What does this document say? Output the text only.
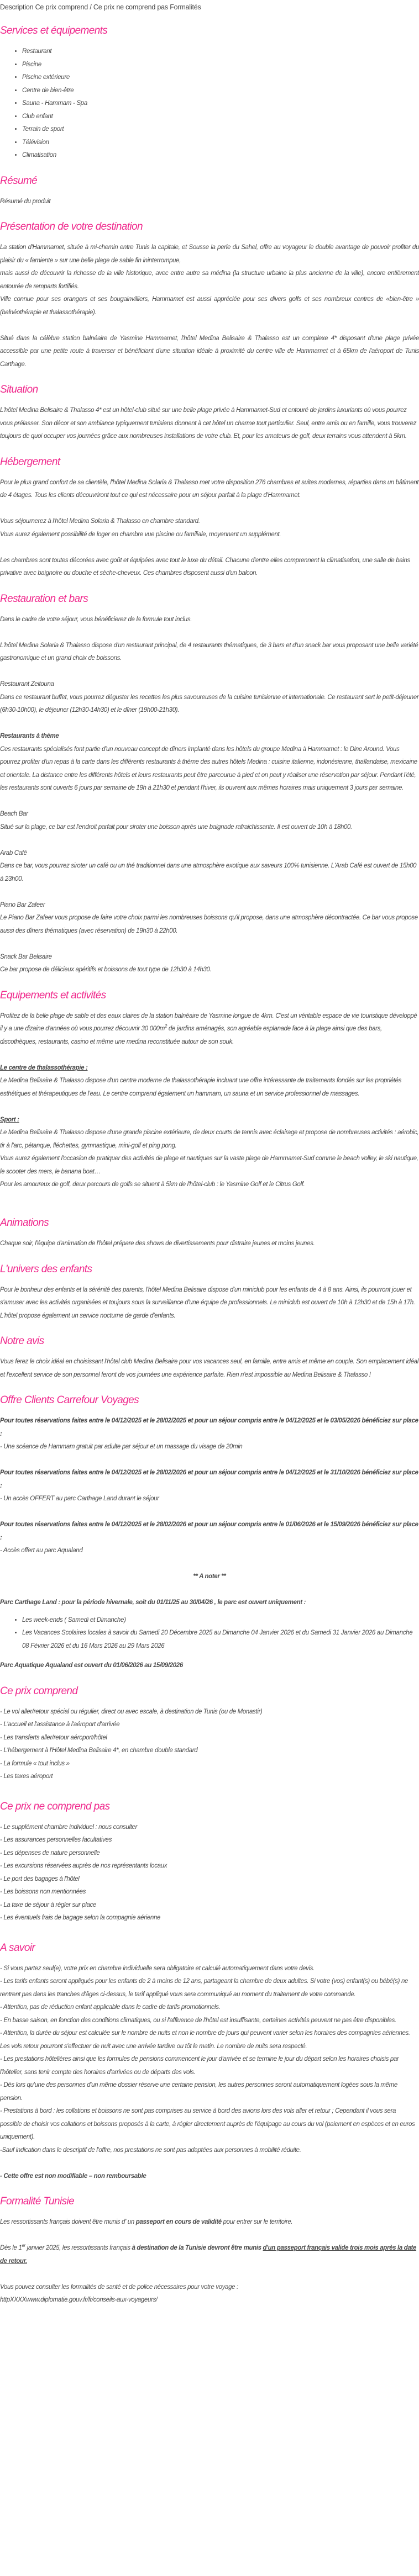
Description Ce prix comprend / Ce prix ne comprend pas Formalités
Services et équipements
• Restaurant
• Piscine
• Piscine extérieure
• Centre de bien-être
• Sauna - Hammam - Spa
• Club enfant
• Terrain de sport
• Télévision
• Climatisation
Résumé

Résumé du produit

Présentation de votre destination

La station d'Hammamet, située à mi-chemin entre Tunis la capitale, et Sousse la perle du Sahel, offre au voyageur le double avantage de pouvoir profiter du plaisir du « farniente » sur une belle plage de sable fin ininterrompue,

mais aussi de découvrir la richesse de la ville historique, avec entre autre sa médina (la structure urbaine la plus ancienne de la ville), encore entièrement entourée de remparts fortifiés.

Ville connue pour ses orangers et ses bougainvilliers, Hammamet est aussi appréciée pour ses divers golfs et ses nombreux centres de «bien-être » (balnéothérapie et thalassothérapie).

Situé dans la célèbre station balnéaire de Yasmine Hammamet, l'hôtel Medina Belisaire & Thalasso est un complexe 4* disposant d'une plage privée accessible par une petite route à traverser et bénéficiant d'une situation idéale à proximité du centre ville de Hammamet et à 65km de l'aéroport de Tunis Carthage.

Situation

L'hôtel Medina Belisaire & Thalasso 4* est un hôtel-club situé sur une belle plage privée à Hammamet-Sud et entouré de jardins luxuriants où vous pourrez vous prélasser. Son décor et son ambiance typiquement tunisiens donnent à cet hôtel un charme tout particulier. Seul, entre amis ou en famille, vous trouverez toujours de quoi occuper vos journées grâce aux nombreuses installations de votre club. Et, pour les amateurs de golf, deux terrains vous attendent à 5km.

Hébergement

Pour le plus grand confort de sa clientèle, l'hôtel Medina Solaria & Thalasso met votre disposition 276 chambres et suites modernes, réparties dans un bâtiment de 4 étages. Tous les clients découvriront tout ce qui est nécessaire pour un séjour parfait à la plage d'Hammamet.

Vous séjournerez à l'hôtel Medina Solaria & Thalasso en chambre standard.

Vous aurez également possibilité de loger en chambre vue piscine ou familiale, moyennant un supplément.

Les chambres sont toutes décorées avec goût et équipées avec tout le luxe du détail. Chacune d'entre elles comprennent la climatisation, une salle de bains privative avec baignoire ou douche et sèche-cheveux. Ces chambres disposent aussi d'un balcon.

Restauration et bars

Dans le cadre de votre séjour, vous bénéficierez de la formule tout inclus.

L'hôtel Medina Solaria & Thalasso dispose d'un restaurant principal, de 4 restaurants thématiques, de 3 bars et d'un snack bar vous proposant une belle variété gastronomique et un grand choix de boissons.

Restaurant Zeitouna

Dans ce restaurant buffet, vous pourrez déguster les recettes les plus savoureuses de la cuisine tunisienne et internationale. Ce restaurant sert le petit-déjeuner (6h30-10h00), le déjeuner (12h30-14h30) et le dîner (19h00-21h30).

Restaurants à thème

Ces restaurants spécialisés font partie d'un nouveau concept de dîners implanté dans les hôtels du groupe Medina à Hammamet : le Dine Around. Vous pourrez profiter d'un repas à la carte dans les différents restaurants à thème des autres hôtels Medina : cuisine italienne, indonésienne, thaïlandaise, mexicaine et orientale. La distance entre les différents hôtels et leurs restaurants peut être parcourue à pied et on peut y réaliser une réservation par séjour. Pendant l'été, les restaurants sont ouverts 6 jours par semaine de 19h à 21h30 et pendant l'hiver, ils ouvrent aux mêmes horaires mais uniquement 3 jours par semaine.

Beach Bar

Situé sur la plage, ce bar est l'endroit parfait pour siroter une boisson après une baignade rafraichissante. Il est ouvert de 10h à 18h00.

Arab Café

Dans ce bar, vous pourrez siroter un café ou un thé traditionnel dans une atmosphère exotique aux saveurs 100% tunisienne. L'Arab Café est ouvert de 15h00 à 23h00.

Piano Bar Zafeer

Le Piano Bar Zafeer vous propose de faire votre choix parmi les nombreuses boissons qu'il propose, dans une atmosphère décontractée. Ce bar vous propose aussi des dîners thématiques (avec réservation) de 19h30 à 22h00.

Snack Bar Belisaire

Ce bar propose de délicieux apéritifs et boissons de tout type de 12h30 à 14h30.

Equipements et activités

Profitez de la belle plage de sable et des eaux claires de la station balnéaire de Yasmine longue de 4km. C'est un véritable espace de vie touristique développé il y a une dizaine d'années où vous pourrez découvrir 30 $000m^2$ de jardins aménagés, son agréable esplanade face à la plage ainsi que des bars, discothèques, restaurants, casino et même une medina reconstituée autour de son souk.

Le centre de thalassothérapie :

Le Medina Belisaire & Thalasso dispose d'un centre moderne de thalassothérapie incluant une offre intéressante de traitements fondés sur les propriétés esthétiques et thérapeutiques de l'eau. Le centre comprend également un hammam, un sauna et un service professionnel de massages.

Sport :

Le Medina Belisaire & Thalasso dispose d'une grande piscine extérieure, de deux courts de tennis avec éclairage et propose de nombreuses activités : aérobic, tir à l'arc, pétanque, fléchettes, gymnastique, mini-golf et ping pong.

Vous aurez également l'occasion de pratiquer des activités de plage et nautiques sur la vaste plage de Hammamet-Sud comme le beach volley, le ski nautique, le scooter des mers, le banana boat…

Pour les amoureux de golf, deux parcours de golfs se situent à 5km de l'hôtel-club : le Yasmine Golf et le Citrus Golf.

Animations

Chaque soir, l'équipe d'animation de l'hôtel prépare des shows de divertissements pour distraire jeunes et moins jeunes.

L'univers des enfants

Pour le bonheur des enfants et la sérénité des parents, l'hôtel Medina Belisaire dispose d'un miniclub pour les enfants de 4 à 8 ans. Ainsi, ils pourront jouer et s'amuser avec les activités organisées et toujours sous la surveillance d'une équipe de professionnels. Le miniclub est ouvert de 10h à 12h30 et de 15h à 17h. L'hôtel propose également un service nocturne de garde d'enfants.

Notre avis

Vous ferez le choix idéal en choisissant l'hôtel club Medina Belisaire pour vos vacances seul, en famille, entre amis et même en couple. Son emplacement idéal et l'excellent service de son personnel feront de vos journées une expérience parfaite. Rien n'est impossible au Medina Belisaire & Thalasso !

Offre Clients Carrefour Voyages

Pour toutes réservations faites entre le 04/12/2025 et le 28/02/2025 et pour un séjour compris entre le 04/12/2025 et le 03/05/2026 bénéficiez sur place :

- Une scéance de Hammam gratuit par adulte par séjour et un massage du visage de 20min

Pour toutes réservations faites entre le 04/12/2025 et le 28/02/2026 et pour un séjour compris entre le 04/12/2025 et le 31/10/2026 bénéficiez sur place :

- Un accès OFFERT au parc Carthage Land durant le séjour

Pour toutes réservations faites entre le 04/12/2025 et le 28/02/2026 et pour un séjour compris entre le 01/06/2026 et le 15/09/2026 bénéficiez sur place :

- Accès offert au parc Aqualand

** A noter **

Parc Carthage Land : pour la période hivernale, soit du 01/11/25 au 30/04/26 , le parc est ouvert uniquement :

• Les week-ends ( Samedi et Dimanche)
• Les Vacances Scolaires locales à savoir du Samedi 20 Décembre 2025 au Dimanche 04 Janvier 2026 et du Samedi 31 Janvier 2026 au Dimanche 08 Février 2026 et du 16 Mars 2026 au 29 Mars 2026

Parc Aquatique Aqualand est ouvert du 01/06/2026 au 15/09/2026

Ce prix comprend

- Le vol aller/retour spécial ou régulier, direct ou avec escale, à destination de Tunis (ou de Monastir)

- L'accueil et l'assistance à l'aéroport d'arrivée

- Les transferts aller/retour aéroport/hôtel

- L'hébergement à l'Hôtel Medina Belisaire 4*, en chambre double standard

- La formule « tout inclus »

- Les taxes aéroport

Ce prix ne comprend pas

- Le supplément chambre individuel : nous consulter

- Les assurances personnelles facultatives

- Les dépenses de nature personnelle

- Les excursions réservées auprès de nos représentants locaux

- Le port des bagages à l'hôtel

- Les boissons non mentionnées

- La taxe de séjour à régler sur place

- Les éventuels frais de bagage selon la compagnie aérienne

A savoir

- Si vous partez seul(e), votre prix en chambre individuelle sera obligatoire et calculé automatiquement dans votre devis.

- Les tarifs enfants seront appliqués pour les enfants de 2 à moins de 12 ans, partageant la chambre de deux adultes. Si votre (vos) enfant(s) ou bébé(s) ne rentrent pas dans les tranches d'âges ci-dessus, le tarif appliqué vous sera communiqué au moment du traitement de votre commande.

- Attention, pas de réduction enfant applicable dans le cadre de tarifs promotionnels.

- En basse saison, en fonction des conditions climatiques, ou si l'affluence de l'hôtel est insuffisante, certaines activités peuvent ne pas être disponibles.

- Attention, la durée du séjour est calculée sur le nombre de nuits et non le nombre de jours qui peuvent varier selon les horaires des compagnies aériennes. Les vols retour pourront s'effectuer de nuit avec une arrivée tardive ou tôt le matin. Le nombre de nuits sera respecté.

- Les prestations hôtelières ainsi que les formules de pensions commencent le jour d'arrivée et se termine le jour du départ selon les horaires choisis par l'hôtelier, sans tenir compte des horaires d'arrivées ou de départs des vols.

- Dès lors qu'une des personnes d'un même dossier réserve une certaine pension, les autres personnes seront automatiquement logées sous la même pension.

- Prestations à bord : les collations et boissons ne sont pas comprises au service à bord des avions lors des vols aller et retour ; Cependant il vous sera possible de choisir vos collations et boissons proposés à la carte, à régler directement auprès de l'équipage au cours du vol (paiement en espèces et en euros uniquement).

-Sauf indication dans le descriptif de l'offre, nos prestations ne sont pas adaptées aux personnes à mobilité réduite.

- Cette offre est non modifiable – non remboursable

Formalité Tunisie

Les ressortissants français doivent être munis d' un passeport en cours de validité pour entrer sur le territoire.

Dès le 1er janvier 2025, les ressortissants français à destination de la Tunisie devront être munis d'un passeport français valide trois mois après la date de retour.

Vous pouvez consulter les formalités de santé et de police nécessaires pour votre voyage :

httpXXXXwww.diplomatie.gouv.fr/fr/conseils-aux-voyageurs/
